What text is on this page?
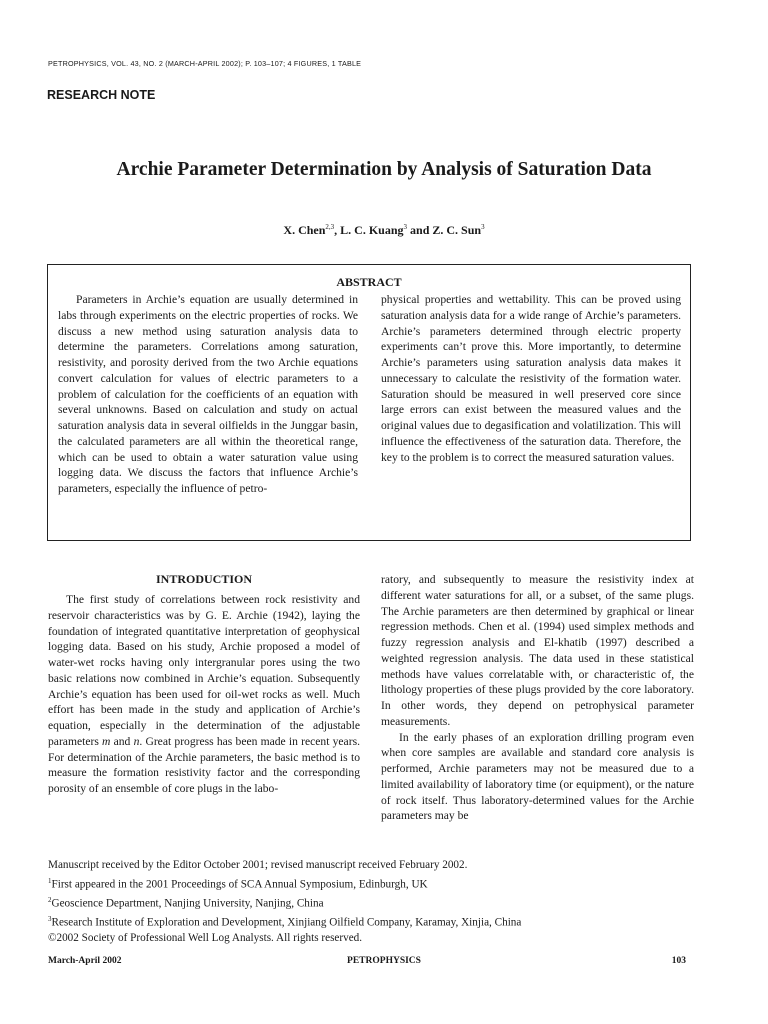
PETROPHYSICS, VOL. 43, NO. 2 (MARCH-APRIL 2002); P. 103–107; 4 FIGURES, 1 TABLE
RESEARCH NOTE
Archie Parameter Determination by Analysis of Saturation Data
X. Chen$^{2,3}$, L. C. Kuang$^3$ and Z. C. Sun$^3$
ABSTRACT
Parameters in Archie’s equation are usually determined in labs through experiments on the electric properties of rocks. We discuss a new method using saturation analysis data to determine the parameters. Correlations among saturation, resistivity, and porosity derived from the two Archie equations convert calculation for values of electric parameters to a problem of calculation for the coefficients of an equation with several unknowns. Based on calculation and study on actual saturation analysis data in several oilfields in the Junggar basin, the calculated parameters are all within the theoretical range, which can be used to obtain a water saturation value using logging data. We discuss the factors that influence Archie’s parameters, especially the influence of petro-
physical properties and wettability. This can be proved using saturation analysis data for a wide range of Archie’s parameters. Archie’s parameters determined through electric property experiments can’t prove this. More importantly, to determine Archie’s parameters using saturation analysis data makes it unnecessary to calculate the resistivity of the formation water. Saturation should be measured in well preserved core since large errors can exist between the measured values and the original values due to degasification and volatilization. This will influence the effectiveness of the saturation data. Therefore, the key to the problem is to correct the measured saturation values.
INTRODUCTION
The first study of correlations between rock resistivity and reservoir characteristics was by G. E. Archie (1942), laying the foundation of integrated quantitative interpretation of geophysical logging data. Based on his study, Archie proposed a model of water-wet rocks having only intergranular pores using the two basic relations now combined in Archie’s equation. Subsequently Archie’s equation has been used for oil-wet rocks as well. Much effort has been made in the study and application of Archie’s equation, especially in the determination of the adjustable parameters m and n. Great progress has been made in recent years. For determination of the Archie parameters, the basic method is to measure the formation resistivity factor and the corresponding porosity of an ensemble of core plugs in the labo-

ratory, and subsequently to measure the resistivity index at different water saturations for all, or a subset, of the same plugs. The Archie parameters are then determined by graphical or linear regression methods. Chen et al. (1994) used simplex methods and fuzzy regression analysis and El-khatib (1997) described a weighted regression analysis. The data used in these statistical methods have values correlatable with, or characteristic of, the lithology properties of these plugs provided by the core laboratory. In other words, they depend on petrophysical parameter measurements.

In the early phases of an exploration drilling program even when core samples are available and standard core analysis is performed, Archie parameters may not be measured due to a limited availability of laboratory time (or equipment), or the nature of rock itself. Thus laboratory-determined values for the Archie parameters may be

Manuscript received by the Editor October 2001; revised manuscript received February 2002.
$^1$First appeared in the 2001 Proceedings of SCA Annual Symposium, Edinburgh, UK
$^2$Geoscience Department, Nanjing University, Nanjing, China
$^3$Research Institute of Exploration and Development, Xinjiang Oilfield Company, Karamay, Xinjia, China
©2002 Society of Professional Well Log Analysts. All rights reserved.
March-April 2002	PETROPHYSICS	103
